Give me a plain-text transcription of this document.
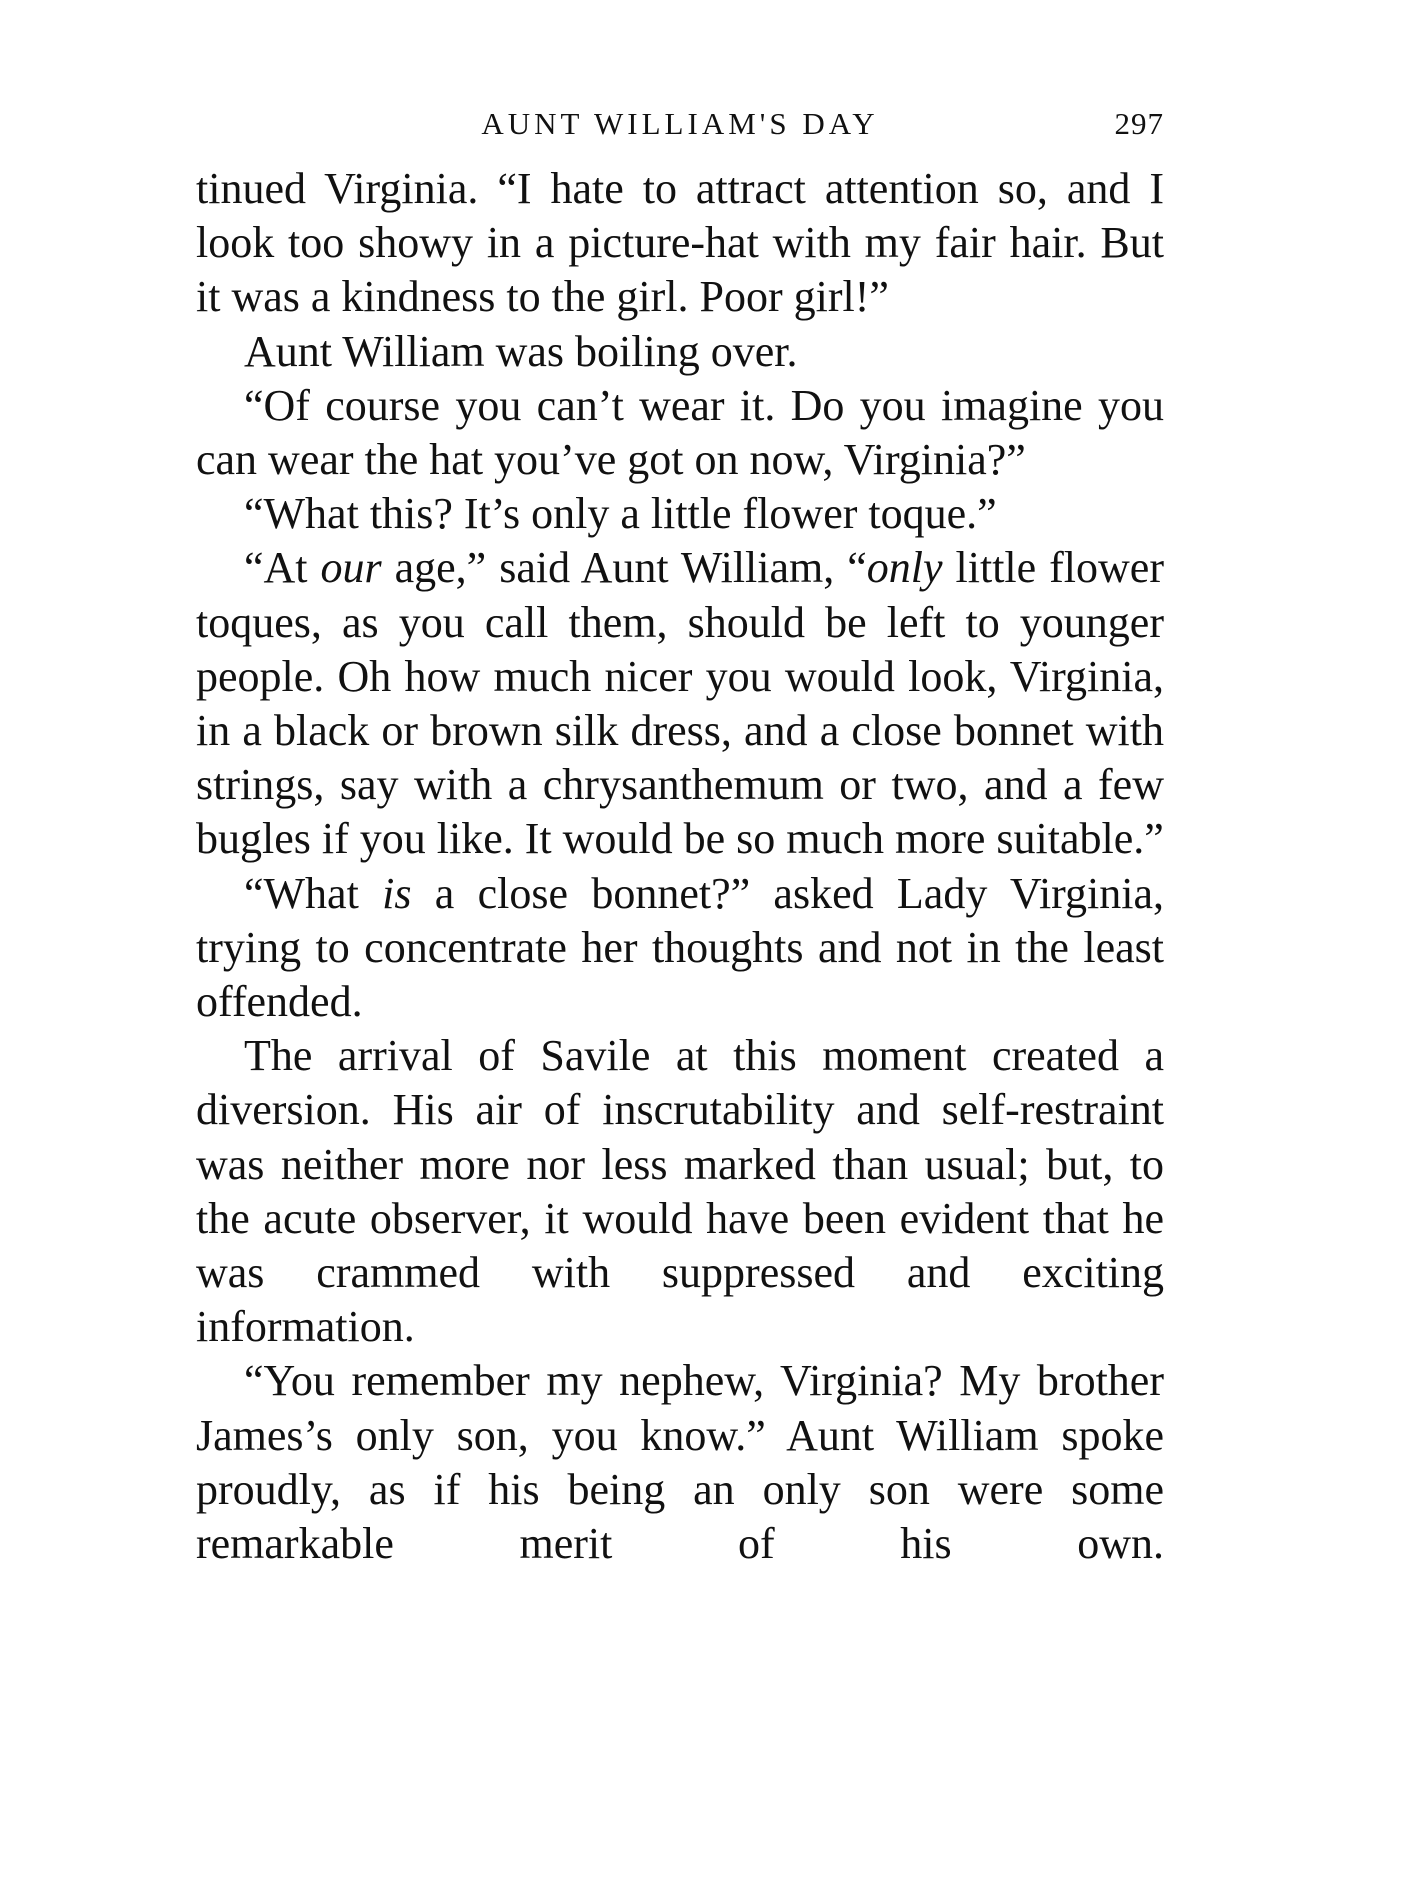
AUNT WILLIAM'S DAY	297

tinued Virginia. “I hate to attract attention so, and I look too showy in a picture-hat with my fair hair. But it was a kindness to the girl. Poor girl!”

Aunt William was boiling over.

“Of course you can’t wear it. Do you imagine you can wear the hat you’ve got on now, Virginia?”

“What this? It’s only a little flower toque.”

“At our age,” said Aunt William, “only little flower toques, as you call them, should be left to younger people. Oh how much nicer you would look, Virginia, in a black or brown silk dress, and a close bonnet with strings, say with a chrysanthemum or two, and a few bugles if you like. It would be so much more suitable.”

“What is a close bonnet?” asked Lady Virginia, trying to concentrate her thoughts and not in the least offended.

The arrival of Savile at this moment created a diversion. His air of inscrutability and self-restraint was neither more nor less marked than usual; but, to the acute observer, it would have been evident that he was crammed with suppressed and exciting information.

“You remember my nephew, Virginia? My brother James’s only son, you know.” Aunt William spoke proudly, as if his being an only son were some remarkable merit of his own.
